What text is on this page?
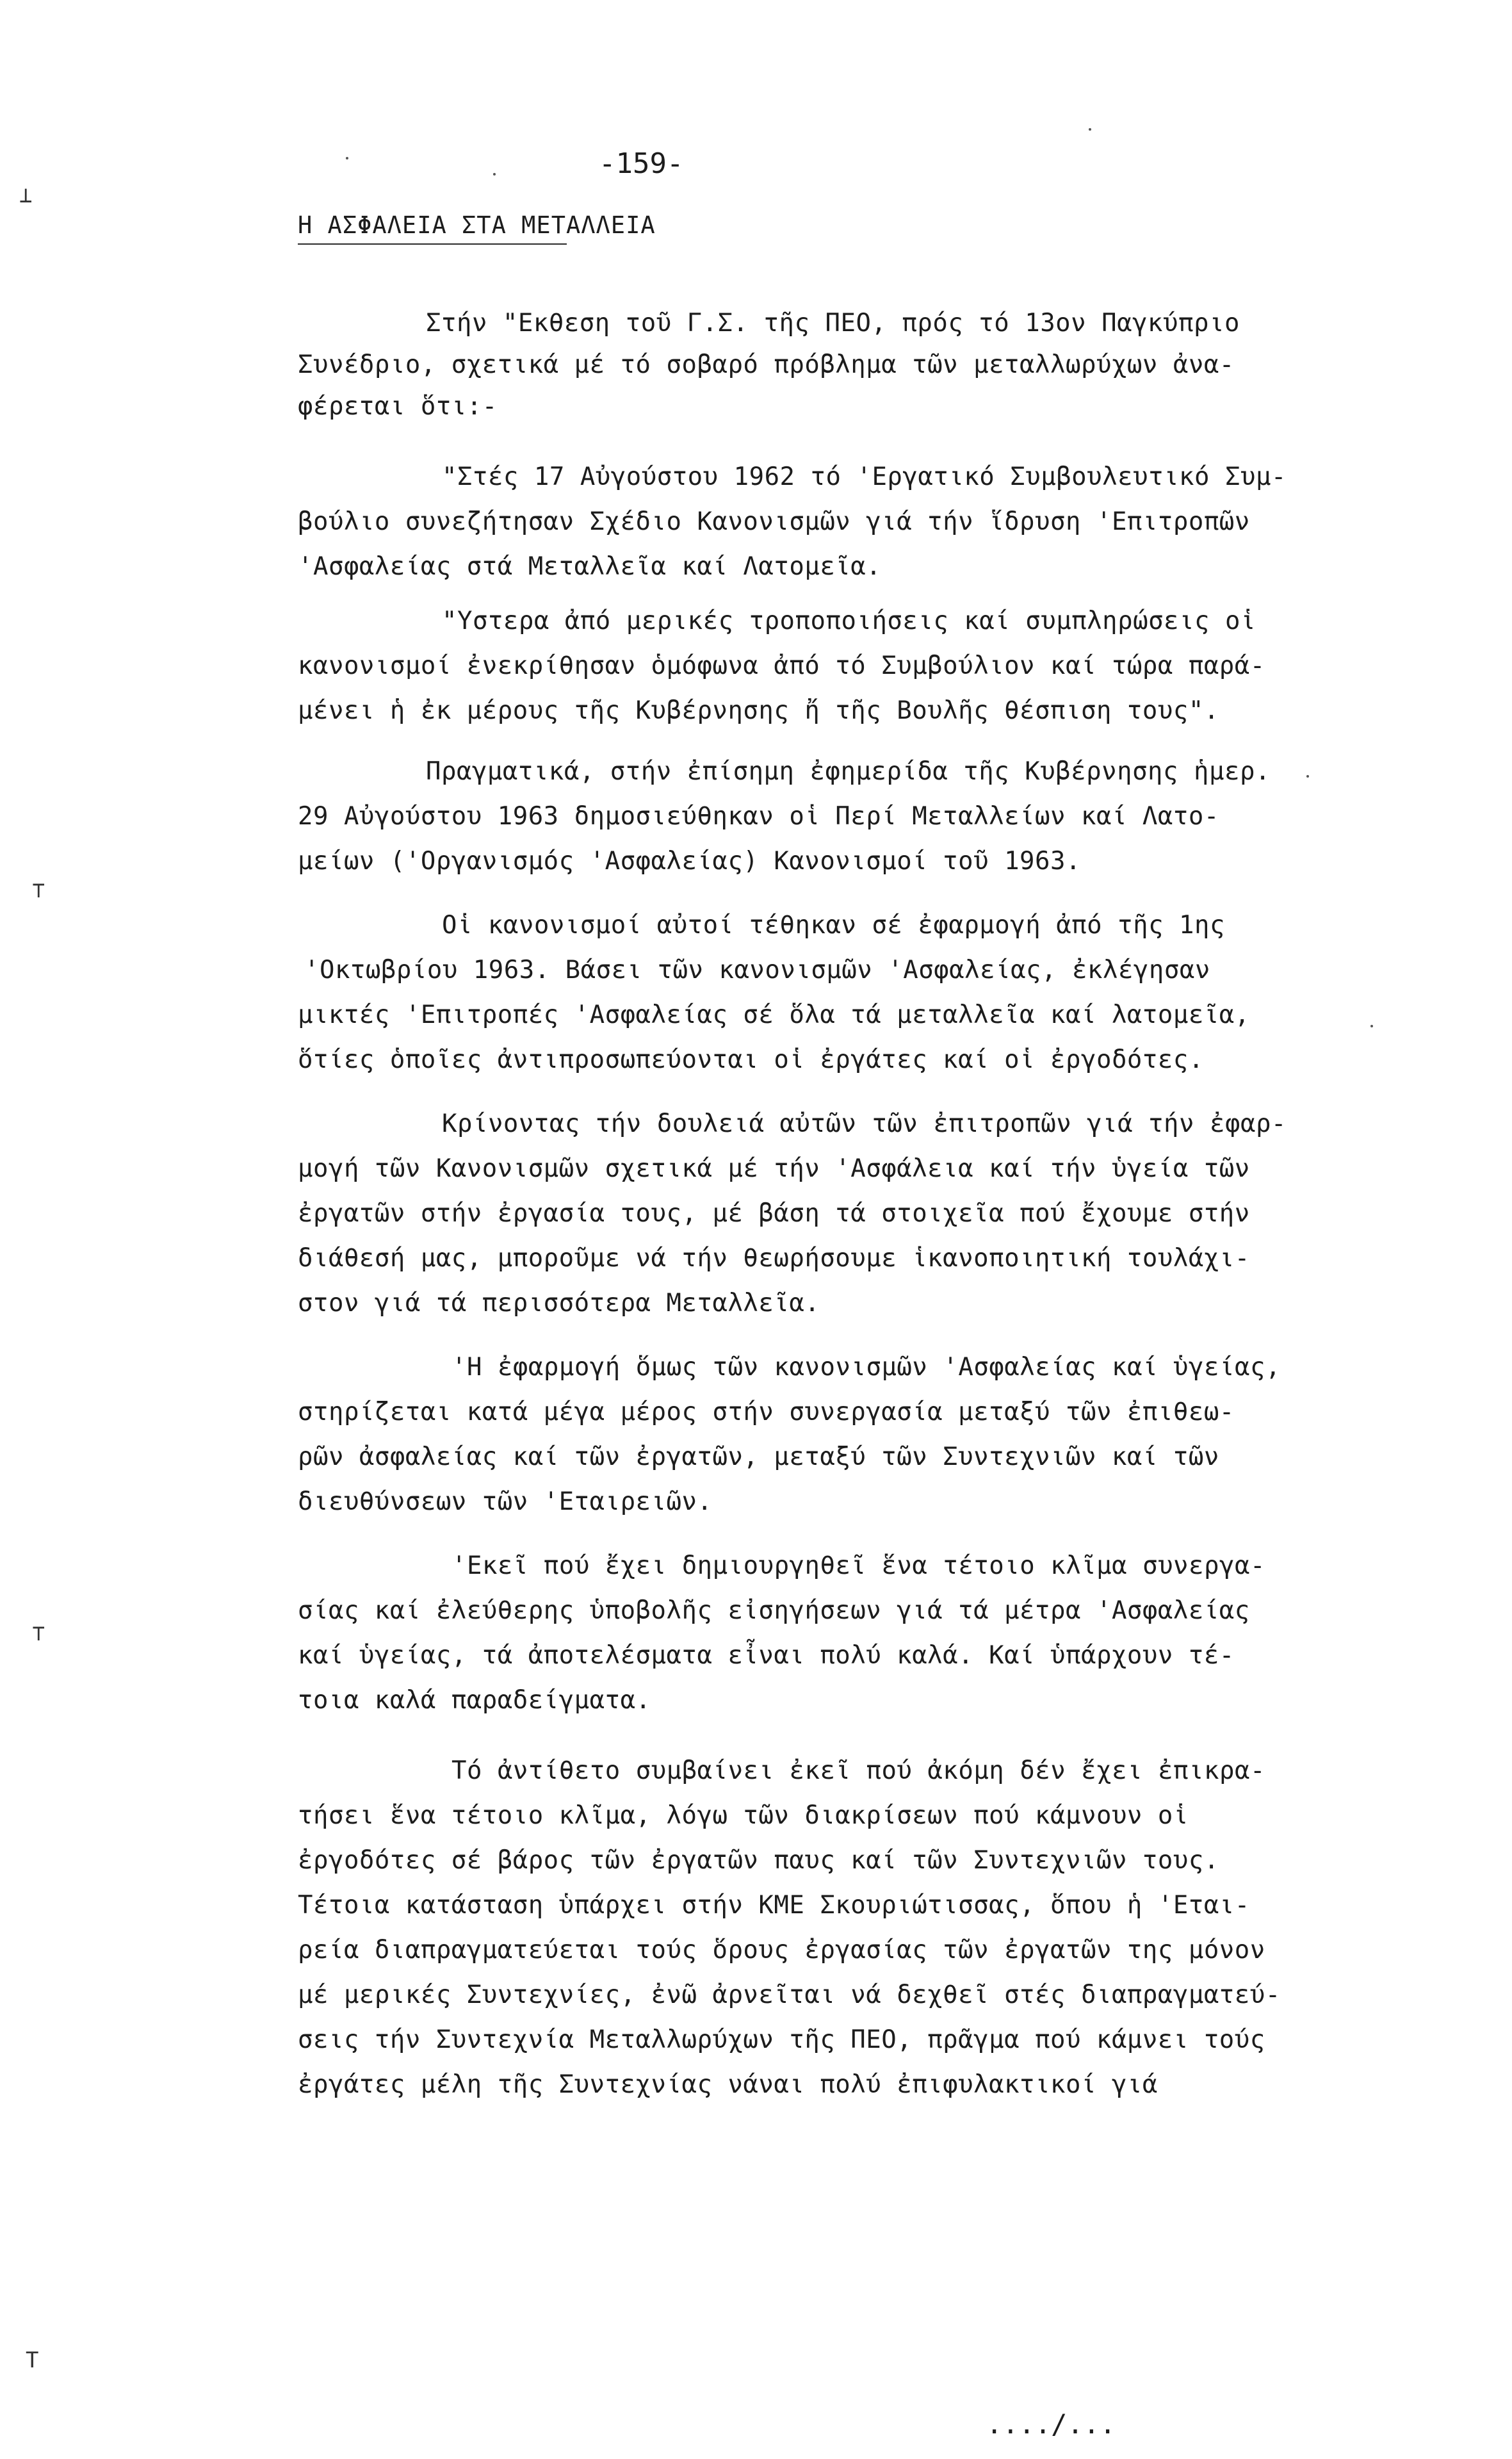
-159-
Η ΑΣΦΑΛΕΙΑ ΣΤΑ ΜΕΤΑΛΛΕΙΑ
Στήν "Εκθεση τοῦ Γ.Σ. τῆς ΠΕΟ, πρός τό 13ον Παγκύπριο
Συνέδριο, σχετικά μέ τό σοβαρό πρόβλημα τῶν μεταλλωρύχων ἀνα-
φέρεται ὅτι:-
"Στές 17 Αὐγούστου 1962 τό 'Εργατικό Συμβουλευτικό Συμ-
βούλιο συνεζήτησαν Σχέδιο Κανονισμῶν γιά τήν ἵδρυση 'Επιτροπῶν
'Ασφαλείας στά Μεταλλεῖα καί Λατομεῖα.
"Υστερα ἀπό μερικές τροποποιήσεις καί συμπληρώσεις οἱ
κανονισμοί ἐνεκρίθησαν ὁμόφωνα ἀπό τό Συμβούλιον καί τώρα παρά-
μένει ἡ ἐκ μέρους τῆς Κυβέρνησης ἤ τῆς Βουλῆς θέσπιση τους".
Πραγματικά, στήν ἐπίσημη ἐφημερίδα τῆς Κυβέρνησης ἡμερ.
29 Αὐγούστου 1963 δημοσιεύθηκαν οἱ Περί Μεταλλείων καί Λατο-
μείων ('Οργανισμός 'Ασφαλείας) Κανονισμοί τοῦ 1963.
Οἱ κανονισμοί αὐτοί τέθηκαν σέ ἐφαρμογή ἀπό τῆς 1ης
'Οκτωβρίου 1963. Βάσει τῶν κανονισμῶν 'Ασφαλείας, ἐκλέγησαν
μικτές 'Επιτροπές 'Ασφαλείας σέ ὅλα τά μεταλλεῖα καί λατομεῖα,
ὅτίες ὁποῖες ἀντιπροσωπεύονται οἱ ἐργάτες καί οἱ ἐργοδότες.
Κρίνοντας τήν δουλειά αὐτῶν τῶν ἐπιτροπῶν γιά τήν ἐφαρ-
μογή τῶν Κανονισμῶν σχετικά μέ τήν 'Ασφάλεια καί τήν ὑγεία τῶν
ἐργατῶν στήν ἐργασία τους, μέ βάση τά στοιχεῖα πού ἔχουμε στήν
διάθεσή μας, μποροῦμε νά τήν θεωρήσουμε ἱκανοποιητική τουλάχι-
στον γιά τά περισσότερα Μεταλλεῖα.
'Η ἐφαρμογή ὅμως τῶν κανονισμῶν 'Ασφαλείας καί ὑγείας,
στηρίζεται κατά μέγα μέρος στήν συνεργασία μεταξύ τῶν ἐπιθεω-
ρῶν ἀσφαλείας καί τῶν ἐργατῶν, μεταξύ τῶν Συντεχνιῶν καί τῶν
διευθύνσεων τῶν 'Εταιρειῶν.
'Εκεῖ πού ἔχει δημιουργηθεῖ ἕνα τέτοιο κλῖμα συνεργα-
σίας καί ἐλεύθερης ὑποβολῆς εἰσηγήσεων γιά τά μέτρα 'Ασφαλείας
καί ὑγείας, τά ἀποτελέσματα εἶναι πολύ καλά. Καί ὑπάρχουν τέ-
τοια καλά παραδείγματα.
Τό ἀντίθετο συμβαίνει ἐκεῖ πού ἀκόμη δέν ἔχει ἐπικρα-
τήσει ἕνα τέτοιο κλῖμα, λόγω τῶν διακρίσεων πού κάμνουν οἱ
ἐργοδότες σέ βάρος τῶν ἐργατῶν παυς καί τῶν Συντεχνιῶν τους.
Τέτοια κατάσταση ὑπάρχει στήν ΚΜΕ Σκουριώτισσας, ὅπου ἡ 'Εται-
ρεία διαπραγματεύεται τούς ὅρους ἐργασίας τῶν ἐργατῶν της μόνον
μέ μερικές Συντεχνίες, ἐνῶ ἀρνεῖται νά δεχθεῖ στές διαπραγματεύ-
σεις τήν Συντεχνία Μεταλλωρύχων τῆς ΠΕΟ, πρᾶγμα πού κάμνει τούς
ἐργάτες μέλη τῆς Συντεχνίας νάναι πολύ ἐπιφυλακτικοί γιά
..../...
⊥
⊤
⊤
T
